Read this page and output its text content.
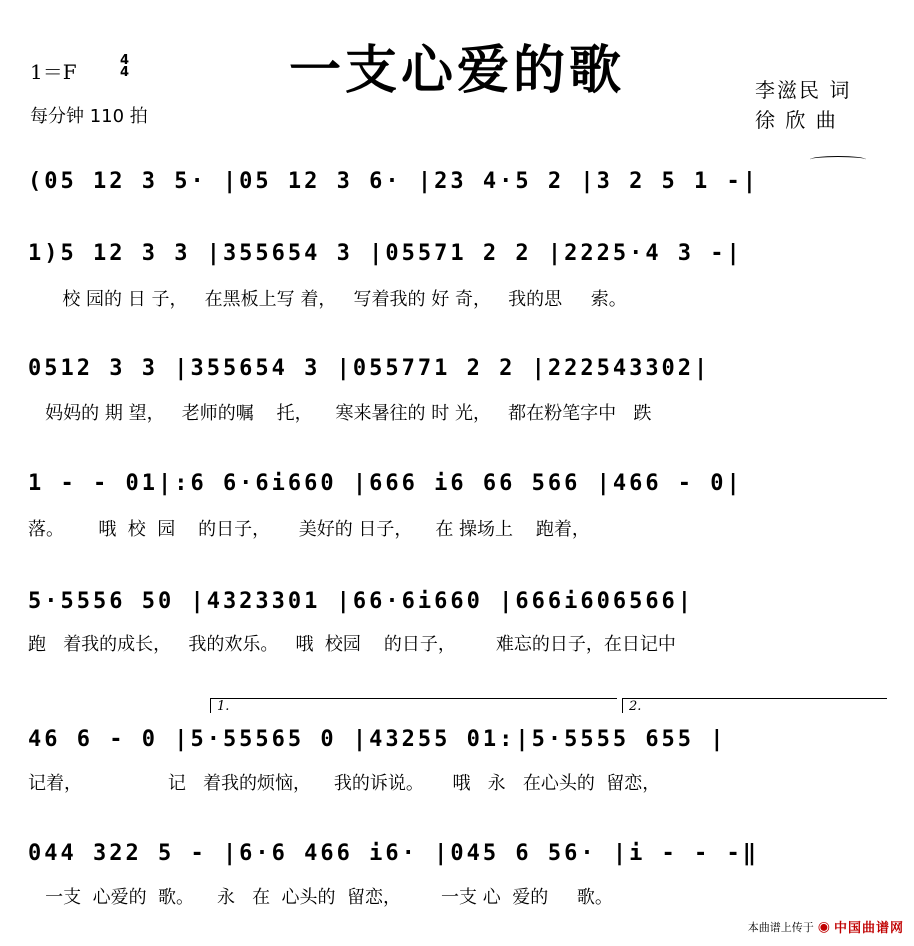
一支心爱的歌
1＝F	4
4
每分钟 110 拍
李滋民 词
徐 欣 曲
(05 12 3 5· |05 12 3 6· |23 4·5 2 |3 2 5 1 -|
1)5 12 3 3 |355654 3 |05571 2 2 |2225·4 3 -|
校 园的 日 子，   在黑板上写 着，   写着我的 好 奇，   我的思     索。
0512 3 3 |355654 3 |055771 2 2 |222543302|
妈妈的 期 望，   老师的嘱    托，    寒来暑往的 时 光，   都在粉笔字中   跌
1 - - 01|:6 6·6i660 |666 i6 66 566 |466 - 0|
落。      哦  校  园    的日子，     美好的 日子，    在 操场上    跑着，
5·5556 50 |4323301 |66·6i660 |666i606566|
跑   着我的成长，   我的欢乐。   哦  校园    的日子，       难忘的日子，在日记中
1.	2.
46 6 - 0 |5·55565 0 |43255 01:|5·5555 655 |
记着，               记   着我的烦恼，    我的诉说。     哦   永   在心头的  留恋，
044 322 5 - |6·6 466 i6· |045 6 56· |i - - -‖
一支  心爱的  歌。    永   在  心头的  留恋，       一支 心  爱的     歌。
本曲谱上传于 ◉ 中国曲谱网
